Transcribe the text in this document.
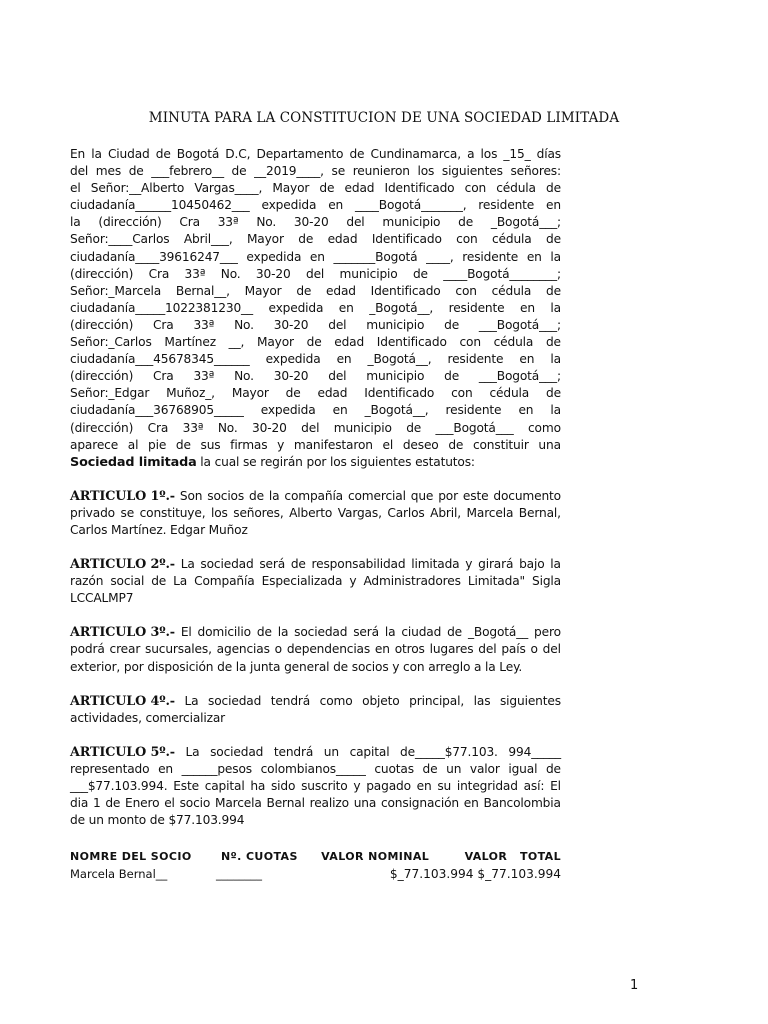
MINUTA PARA LA CONSTITUCION DE UNA SOCIEDAD LIMITADA
En la Ciudad de Bogotá D.C, Departamento de Cundinamarca, a los _15_ días
del mes de ___febrero__ de __2019____, se reunieron los siguientes señores:
el Señor:__Alberto Vargas____, Mayor de edad Identificado con cédula de
ciudadanía______10450462___ expedida en ____Bogotá_______, residente en
la (dirección) Cra 33ª No. 30-20 del municipio de _Bogotá___;
Señor:____Carlos Abril___, Mayor de edad Identificado con cédula de
ciudadanía____39616247___ expedida en _______Bogotá ____, residente en la
(dirección) Cra 33ª No. 30-20 del municipio de ____Bogotá________;
Señor:_Marcela Bernal__, Mayor de edad Identificado con cédula de
ciudadanía_____1022381230__ expedida en _Bogotá__, residente en la
(dirección) Cra 33ª No. 30-20 del municipio de ___Bogotá___;
Señor:_Carlos Martínez __, Mayor de edad Identificado con cédula de
ciudadanía___45678345______ expedida en _Bogotá__, residente en la
(dirección) Cra 33ª No. 30-20 del municipio de ___Bogotá___;
Señor:_Edgar Muñoz_, Mayor de edad Identificado con cédula de
ciudadanía___36768905_____ expedida en _Bogotá__, residente en la
(dirección) Cra 33ª No. 30-20 del municipio de ___Bogotá___ como
aparece al pie de sus firmas y manifestaron el deseo de constituir una
Sociedad limitada la cual se regirán por los siguientes estatutos:
ARTICULO 1º.- Son socios de la compañía comercial que por este documento
privado se constituye, los señores, Alberto Vargas, Carlos Abril, Marcela Bernal,
Carlos Martínez. Edgar Muñoz
ARTICULO 2º.- La sociedad será de responsabilidad limitada y girará bajo la
razón social de La Compañía Especializada y Administradores Limitada" Sigla
LCCALMP7
ARTICULO 3º.- El domicilio de la sociedad será la ciudad de _Bogotá__ pero
podrá crear sucursales, agencias o dependencias en otros lugares del país o del
exterior, por disposición de la junta general de socios y con arreglo a la Ley.
ARTICULO 4º.- La sociedad tendrá como objeto principal, las siguientes
actividades, comercializar
ARTICULO 5º.- La sociedad tendrá un capital de_____$77.103. 994_____
representado en ______pesos colombianos_____ cuotas de un valor igual de
___$77.103.994. Este capital ha sido suscrito y pagado en su integridad así: El
dia 1 de Enero el socio Marcela Bernal realizo una consignación en Bancolombia
de un monto de $77.103.994
NOMRE DEL SOCIO	Nº. CUOTAS VALOR NOMINAL	VALOR   TOTAL
Marcela Bernal__	________	$_77.103.994 $_77.103.994
1
